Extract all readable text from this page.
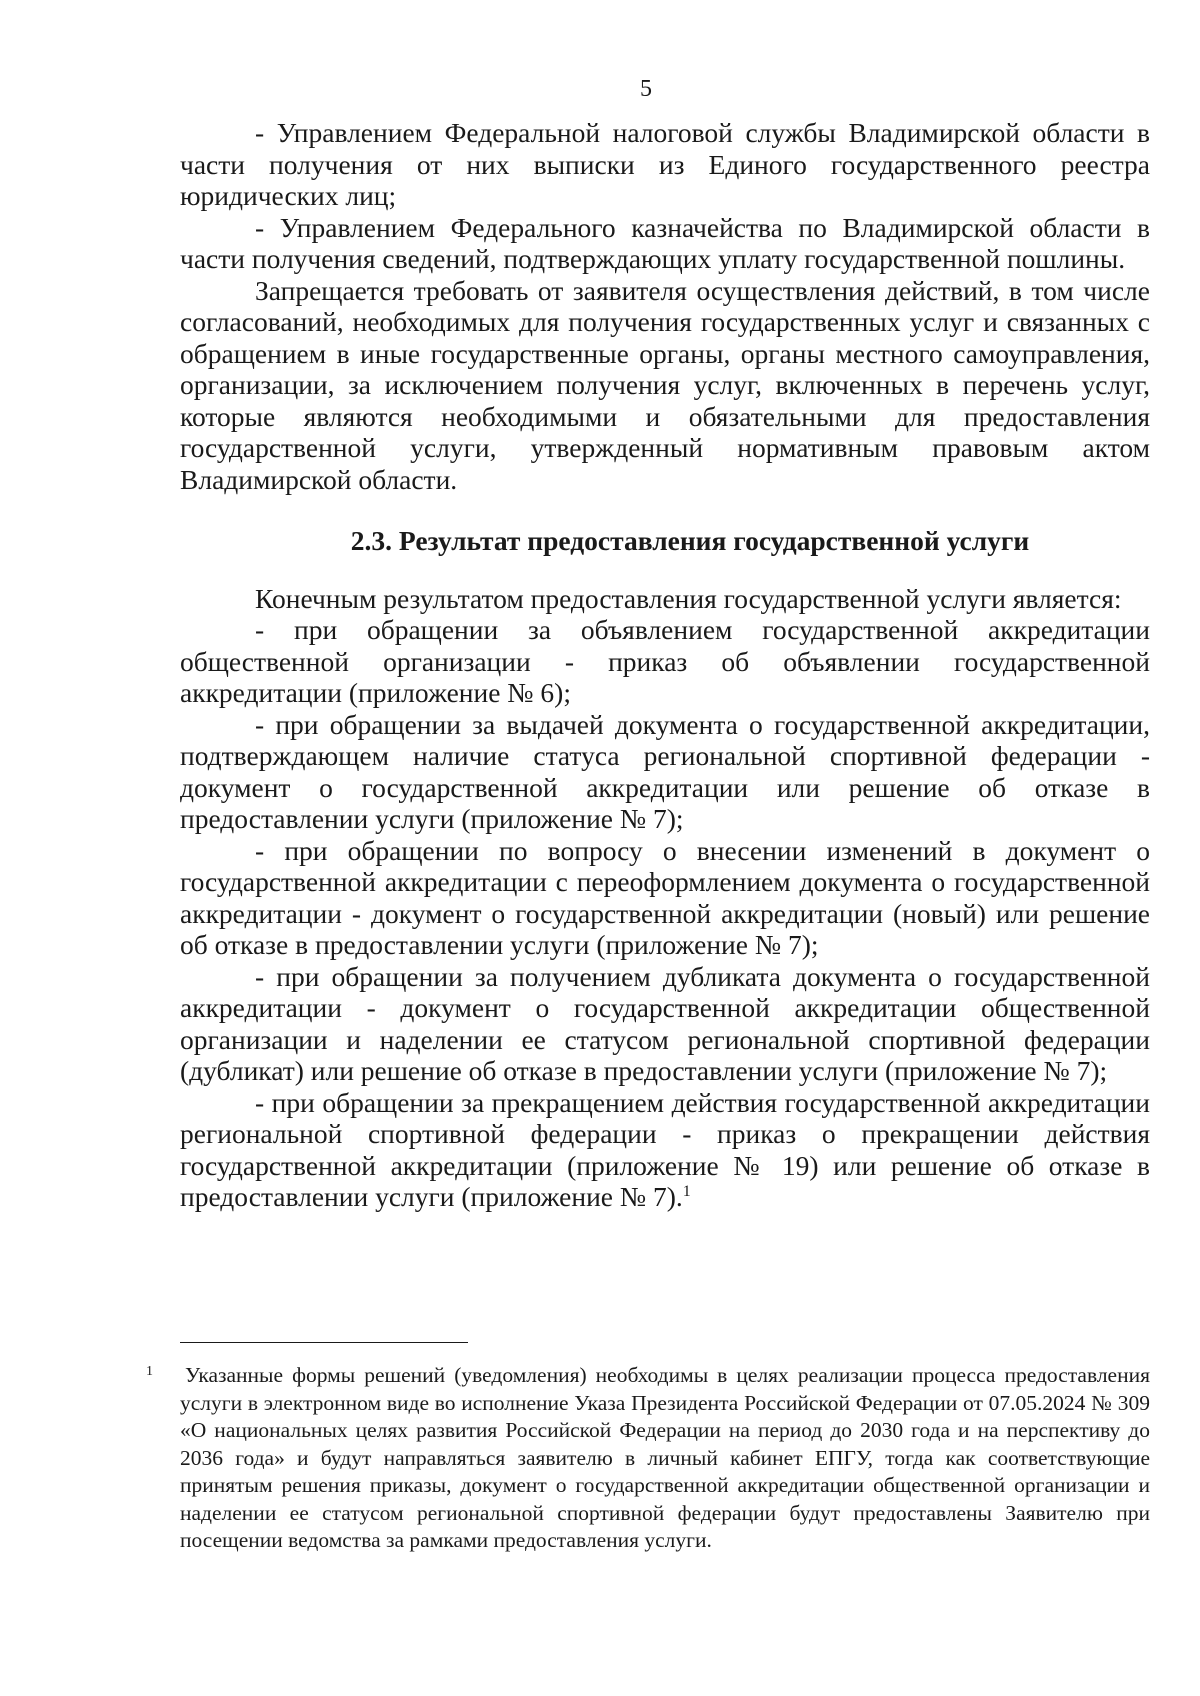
5

- Управлением Федеральной налоговой службы Владимирской области в части получения от них выписки из Единого государственного реестра юридических лиц;

- Управлением Федерального казначейства по Владимирской области в части получения сведений, подтверждающих уплату государственной пошлины.

Запрещается требовать от заявителя осуществления действий, в том числе согласований, необходимых для получения государственных услуг и связанных с обращением в иные государственные органы, органы местного самоуправления, организации, за исключением получения услуг, включенных в перечень услуг, которые являются необходимыми и обязательными для предоставления государственной услуги, утвержденный нормативным правовым актом Владимирской области.

2.3. Результат предоставления государственной услуги

Конечным результатом предоставления государственной услуги является:

- при обращении за объявлением государственной аккредитации общественной организации - приказ об объявлении государственной аккредитации (приложение № 6);

- при обращении за выдачей документа о государственной аккредитации, подтверждающем наличие статуса региональной спортивной федерации - документ о государственной аккредитации или решение об отказе в предоставлении услуги (приложение № 7);

- при обращении по вопросу о внесении изменений в документ о государственной аккредитации с переоформлением документа о государственной аккредитации - документ о государственной аккредитации (новый) или решение об отказе в предоставлении услуги (приложение № 7);

- при обращении за получением дубликата документа о государственной аккредитации - документ о государственной аккредитации общественной организации и наделении ее статусом региональной спортивной федерации (дубликат) или решение об отказе в предоставлении услуги (приложение № 7);

- при обращении за прекращением действия государственной аккредитации региональной спортивной федерации - приказ о прекращении действия государственной аккредитации (приложение № 19) или решение об отказе в предоставлении услуги (приложение № 7).$^1$

1 Указанные формы решений (уведомления) необходимы в целях реализации процесса предоставления услуги в электронном виде во исполнение Указа Президента Российской Федерации от 07.05.2024 № 309 «О национальных целях развития Российской Федерации на период до 2030 года и на перспективу до 2036 года» и будут направляться заявителю в личный кабинет ЕПГУ, тогда как соответствующие принятым решения приказы, документ о государственной аккредитации общественной организации и наделении ее статусом региональной спортивной федерации будут предоставлены Заявителю при посещении ведомства за рамками предоставления услуги.
